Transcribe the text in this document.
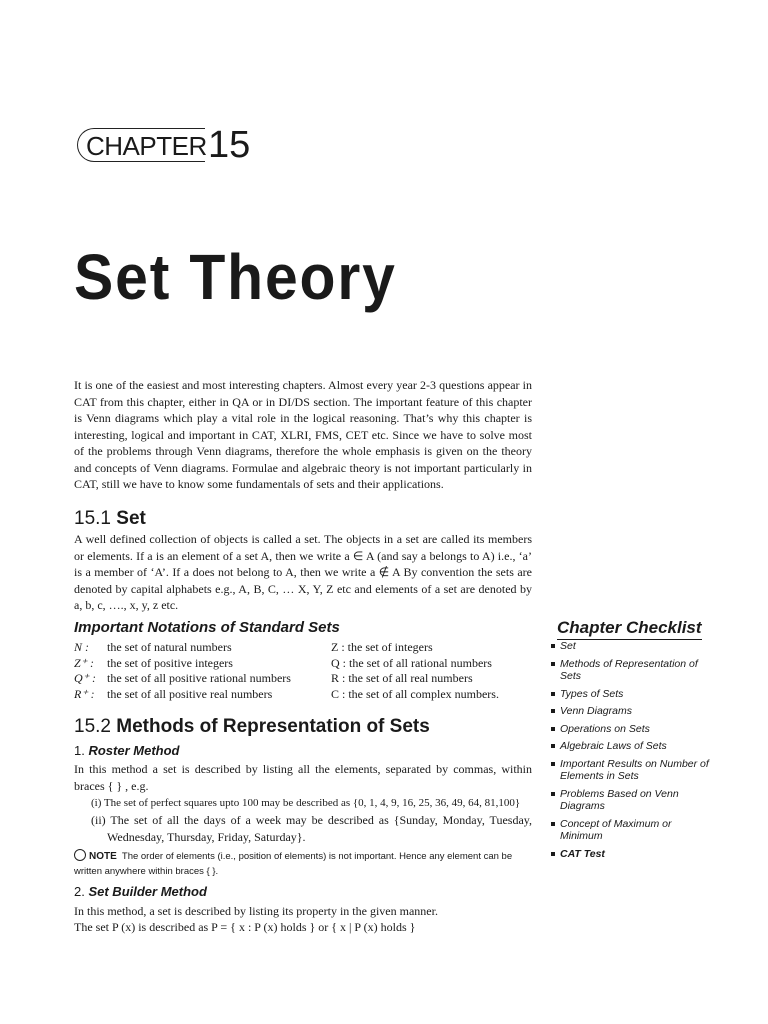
CHAPTER 15
Set Theory
It is one of the easiest and most interesting chapters. Almost every year 2-3 questions appear in CAT from this chapter, either in QA or in DI/DS section. The important feature of this chapter is Venn diagrams which play a vital role in the logical reasoning. That’s why this chapter is interesting, logical and important in CAT, XLRI, FMS, CET etc. Since we have to solve most of the problems through Venn diagrams, therefore the whole emphasis is given on the theory and concepts of Venn diagrams. Formulae and algebraic theory is not important particularly in CAT, still we have to know some fundamentals of sets and their applications.
15.1 Set
A well defined collection of objects is called a set. The objects in a set are called its members or elements. If a is an element of a set A, then we write a ∈ A (and say a belongs to A) i.e., ‘a’ is a member of ‘A’. If a does not belong to A, then we write a ∉ A By convention the sets are denoted by capital alphabets e.g., A, B, C, … X, Y, Z etc and elements of a set are denoted by a, b, c, …., x, y, z etc.
Important Notations of Standard Sets
N :	the set of natural numbers	Z : the set of integers
Z⁺ :	the set of positive integers	Q : the set of all rational numbers
Q⁺ : the set of all positive rational numbers	R : the set of all real numbers
R⁺ :	the set of all positive real numbers	C : the set of all complex numbers.
15.2 Methods of Representation of Sets
1. Roster Method
In this method a set is described by listing all the elements, separated by commas, within braces { } , e.g.
(i) The set of perfect squares upto 100 may be described as {0, 1, 4, 9, 16, 25, 36, 49, 64, 81,100}
(ii) The set of all the days of a week may be described as {Sunday, Monday, Tuesday, Wednesday, Thursday, Friday, Saturday}.
NOTE The order of elements (i.e., position of elements) is not important. Hence any element can be written anywhere within braces { }.
2. Set Builder Method
In this method, a set is described by listing its property in the given manner.
The set P (x) is described as P = { x : P (x) holds } or { x | P (x) holds }
Chapter Checklist
Set
Methods of Representation of Sets
Types of Sets
Venn Diagrams
Operations on Sets
Algebraic Laws of Sets
Important Results on Number of Elements in Sets
Problems Based on Venn Diagrams
Concept of Maximum or Minimum
CAT Test
